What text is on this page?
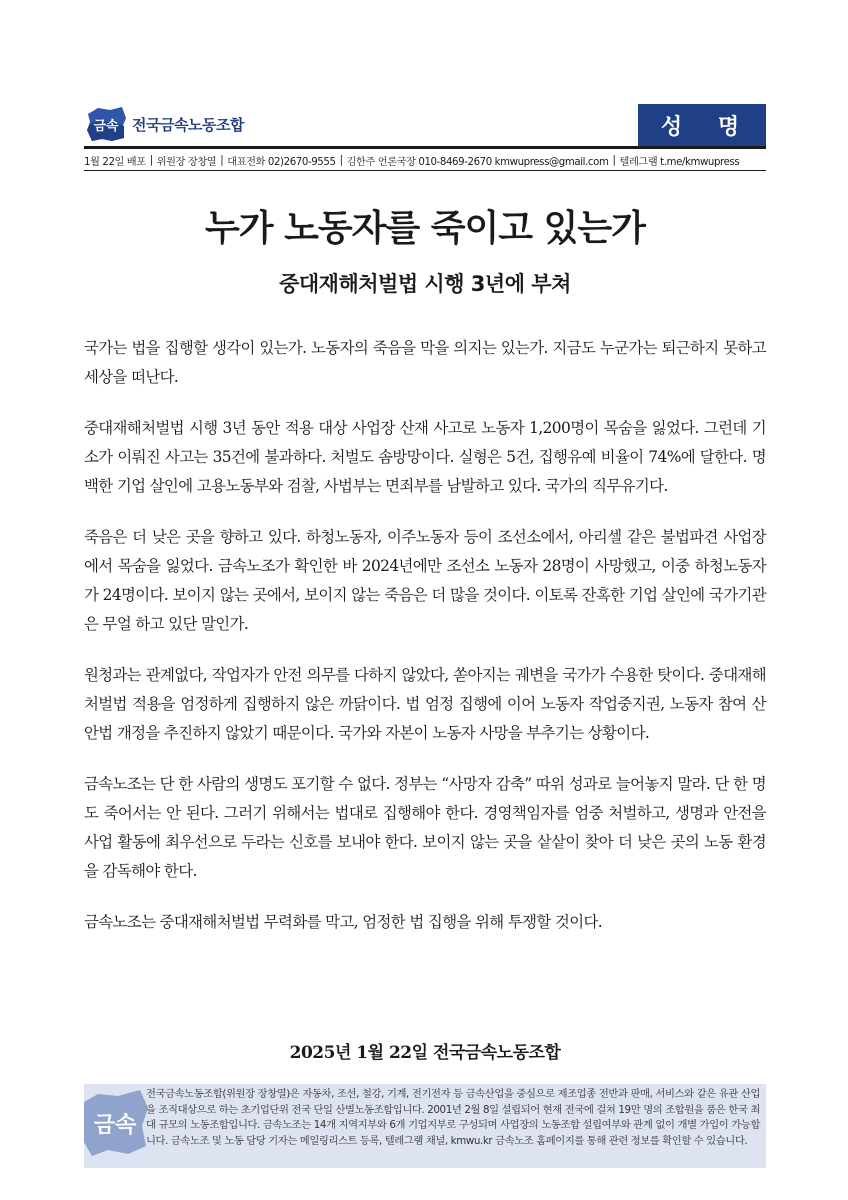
금속 전국금속노동조합	성 명
1월 22일 배포 | 위원장 장창열 | 대표전화 02)2670-9555 | 김한주 언론국장 010-8469-2670 kmwupress@gmail.com | 텔레그램 t.me/kmwupress
누가 노동자를 죽이고 있는가
중대재해처벌법 시행 3년에 부쳐

국가는 법을 집행할 생각이 있는가. 노동자의 죽음을 막을 의지는 있는가. 지금도 누군가는 퇴근하지 못하고 세상을 떠난다.

중대재해처벌법 시행 3년 동안 적용 대상 사업장 산재 사고로 노동자 1,200명이 목숨을 잃었다. 그런데 기소가 이뤄진 사고는 35건에 불과하다. 처벌도 솜방망이다. 실형은 5건, 집행유예 비율이 74%에 달한다. 명백한 기업 살인에 고용노동부와 검찰, 사법부는 면죄부를 남발하고 있다. 국가의 직무유기다.

죽음은 더 낮은 곳을 향하고 있다. 하청노동자, 이주노동자 등이 조선소에서, 아리셀 같은 불법파견 사업장에서 목숨을 잃었다. 금속노조가 확인한 바 2024년에만 조선소 노동자 28명이 사망했고, 이중 하청노동자가 24명이다. 보이지 않는 곳에서, 보이지 않는 죽음은 더 많을 것이다. 이토록 잔혹한 기업 살인에 국가기관은 무얼 하고 있단 말인가.

원청과는 관계없다, 작업자가 안전 의무를 다하지 않았다, 쏟아지는 궤변을 국가가 수용한 탓이다. 중대재해처벌법 적용을 엄정하게 집행하지 않은 까닭이다. 법 엄정 집행에 이어 노동자 작업중지권, 노동자 참여 산안법 개정을 추진하지 않았기 때문이다. 국가와 자본이 노동자 사망을 부추기는 상황이다.

금속노조는 단 한 사람의 생명도 포기할 수 없다. 정부는 “사망자 감축” 따위 성과로 늘어놓지 말라. 단 한 명도 죽어서는 안 된다. 그러기 위해서는 법대로 집행해야 한다. 경영책임자를 엄중 처벌하고, 생명과 안전을 사업 활동에 최우선으로 두라는 신호를 보내야 한다. 보이지 않는 곳을 샅샅이 찾아 더 낮은 곳의 노동 환경을 감독해야 한다.

금속노조는 중대재해처벌법 무력화를 막고, 엄정한 법 집행을 위해 투쟁할 것이다.

2025년 1월 22일 전국금속노동조합
금속
전국금속노동조합(위원장 장창열)은 자동차, 조선, 철강, 기계, 전기전자 등 금속산업을 중심으로 제조업종 전반과 판매, 서비스와 같은 유관 산업을 조직대상으로 하는 초기업단위 전국 단일 산별노동조합입니다. 2001년 2월 8일 설립되어 현재 전국에 걸쳐 19만 명의 조합원을 품은 한국 최대 규모의 노동조합입니다. 금속노조는 14개 지역지부와 6개 기업지부로 구성되며 사업장의 노동조합 설립여부와 관계 없이 개별 가입이 가능합니다. 금속노조 및 노동 담당 기자는 메일링리스트 등록, 텔레그램 채널, kmwu.kr 금속노조 홈페이지를 통해 관련 정보를 확인할 수 있습니다.
